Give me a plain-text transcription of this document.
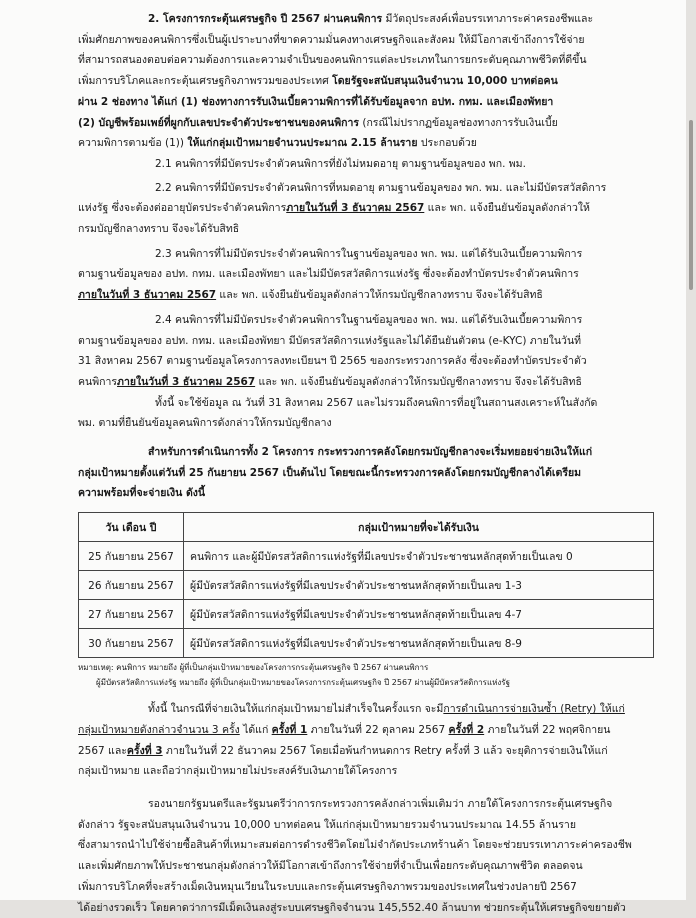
2. โครงการกระตุ้นเศรษฐกิจ ปี 2567 ผ่านคนพิการ มีวัตถุประสงค์เพื่อบรรเทาภาระค่าครองชีพและ

เพิ่มศักยภาพของคนพิการซึ่งเป็นผู้เปราะบางที่ขาดความมั่นคงทางเศรษฐกิจและสังคม ให้มีโอกาสเข้าถึงการใช้จ่าย

ที่สามารถสนองตอบต่อความต้องการและความจำเป็นของคนพิการแต่ละประเภทในการยกระดับคุณภาพชีวิตที่ดีขึ้น

เพิ่มการบริโภคและกระตุ้นเศรษฐกิจภาพรวมของประเทศ โดยรัฐจะสนับสนุนเงินจำนวน 10,000 บาทต่อคน

ผ่าน 2 ช่องทาง ได้แก่ (1) ช่องทางการรับเงินเบี้ยความพิการที่ได้รับข้อมูลจาก อปท. กทม. และเมืองพัทยา

(2) บัญชีพร้อมเพย์ที่ผูกกับเลขประจำตัวประชาชนของคนพิการ (กรณีไม่ปรากฏข้อมูลช่องทางการรับเงินเบี้ย

ความพิการตามข้อ (1)) ให้แก่กลุ่มเป้าหมายจำนวนประมาณ 2.15 ล้านราย ประกอบด้วย

2.1 คนพิการที่มีบัตรประจำตัวคนพิการที่ยังไม่หมดอายุ ตามฐานข้อมูลของ พก. พม.

2.2 คนพิการที่มีบัตรประจำตัวคนพิการที่หมดอายุ ตามฐานข้อมูลของ พก. พม. และไม่มีบัตรสวัสดิการ

แห่งรัฐ ซึ่งจะต้องต่ออายุบัตรประจำตัวคนพิการภายในวันที่ 3 ธันวาคม 2567 และ พก. แจ้งยืนยันข้อมูลดังกล่าวให้

กรมบัญชีกลางทราบ จึงจะได้รับสิทธิ

2.3 คนพิการที่ไม่มีบัตรประจำตัวคนพิการในฐานข้อมูลของ พก. พม. แต่ได้รับเงินเบี้ยความพิการ

ตามฐานข้อมูลของ อปท. กทม. และเมืองพัทยา และไม่มีบัตรสวัสดิการแห่งรัฐ ซึ่งจะต้องทำบัตรประจำตัวคนพิการ

ภายในวันที่ 3 ธันวาคม 2567 และ พก. แจ้งยืนยันข้อมูลดังกล่าวให้กรมบัญชีกลางทราบ จึงจะได้รับสิทธิ

2.4 คนพิการที่ไม่มีบัตรประจำตัวคนพิการในฐานข้อมูลของ พก. พม. แต่ได้รับเงินเบี้ยความพิการ

ตามฐานข้อมูลของ อปท. กทม. และเมืองพัทยา มีบัตรสวัสดิการแห่งรัฐและไม่ได้ยืนยันตัวตน (e-KYC) ภายในวันที่

31 สิงหาคม 2567 ตามฐานข้อมูลโครงการลงทะเบียนฯ ปี 2565 ของกระทรวงการคลัง ซึ่งจะต้องทำบัตรประจำตัว

คนพิการภายในวันที่ 3 ธันวาคม 2567 และ พก. แจ้งยืนยันข้อมูลดังกล่าวให้กรมบัญชีกลางทราบ จึงจะได้รับสิทธิ

ทั้งนี้ จะใช้ข้อมูล ณ วันที่ 31 สิงหาคม 2567 และไม่รวมถึงคนพิการที่อยู่ในสถานสงเคราะห์ในสังกัด

พม. ตามที่ยืนยันข้อมูลคนพิการดังกล่าวให้กรมบัญชีกลาง

สำหรับการดำเนินการทั้ง 2 โครงการ กระทรวงการคลังโดยกรมบัญชีกลางจะเริ่มทยอยจ่ายเงินให้แก่

กลุ่มเป้าหมายตั้งแต่วันที่ 25 กันยายน 2567 เป็นต้นไป โดยขณะนี้กระทรวงการคลังโดยกรมบัญชีกลางได้เตรียม

ความพร้อมที่จะจ่ายเงิน ดังนี้

วัน เดือน ปี	กลุ่มเป้าหมายที่จะได้รับเงิน
25 กันยายน 2567	คนพิการ และผู้มีบัตรสวัสดิการแห่งรัฐที่มีเลขประจำตัวประชาชนหลักสุดท้ายเป็นเลข 0
26 กันยายน 2567	ผู้มีบัตรสวัสดิการแห่งรัฐที่มีเลขประจำตัวประชาชนหลักสุดท้ายเป็นเลข 1-3
27 กันยายน 2567	ผู้มีบัตรสวัสดิการแห่งรัฐที่มีเลขประจำตัวประชาชนหลักสุดท้ายเป็นเลข 4-7
30 กันยายน 2567	ผู้มีบัตรสวัสดิการแห่งรัฐที่มีเลขประจำตัวประชาชนหลักสุดท้ายเป็นเลข 8-9
หมายเหตุ: คนพิการ หมายถึง ผู้ที่เป็นกลุ่มเป้าหมายของโครงการกระตุ้นเศรษฐกิจ ปี 2567 ผ่านคนพิการ
ผู้มีบัตรสวัสดิการแห่งรัฐ หมายถึง ผู้ที่เป็นกลุ่มเป้าหมายของโครงการกระตุ้นเศรษฐกิจ ปี 2567 ผ่านผู้มีบัตรสวัสดิการแห่งรัฐ

ทั้งนี้ ในกรณีที่จ่ายเงินให้แก่กลุ่มเป้าหมายไม่สำเร็จในครั้งแรก จะมีการดำเนินการจ่ายเงินซ้ำ (Retry) ให้แก่

กลุ่มเป้าหมายดังกล่าวจำนวน 3 ครั้ง ได้แก่ ครั้งที่ 1 ภายในวันที่ 22 ตุลาคม 2567 ครั้งที่ 2 ภายในวันที่ 22 พฤศจิกายน

2567 และครั้งที่ 3 ภายในวันที่ 22 ธันวาคม 2567 โดยเมื่อพ้นกำหนดการ Retry ครั้งที่ 3 แล้ว จะยุติการจ่ายเงินให้แก่

กลุ่มเป้าหมาย และถือว่ากลุ่มเป้าหมายไม่ประสงค์รับเงินภายใต้โครงการ

รองนายกรัฐมนตรีและรัฐมนตรีว่าการกระทรวงการคลังกล่าวเพิ่มเติมว่า ภายใต้โครงการกระตุ้นเศรษฐกิจ

ดังกล่าว รัฐจะสนับสนุนเงินจำนวน 10,000 บาทต่อคน ให้แก่กลุ่มเป้าหมายรวมจำนวนประมาณ 14.55 ล้านราย

ซึ่งสามารถนำไปใช้จ่ายซื้อสินค้าที่เหมาะสมต่อการดำรงชีวิตโดยไม่จำกัดประเภทร้านค้า โดยจะช่วยบรรเทาภาระค่าครองชีพ

และเพิ่มศักยภาพให้ประชาชนกลุ่มดังกล่าวให้มีโอกาสเข้าถึงการใช้จ่ายที่จำเป็นเพื่อยกระดับคุณภาพชีวิต ตลอดจน

เพิ่มการบริโภคที่จะสร้างเม็ดเงินหมุนเวียนในระบบและกระตุ้นเศรษฐกิจภาพรวมของประเทศในช่วงปลายปี 2567

ได้อย่างรวดเร็ว โดยคาดว่าการมีเม็ดเงินลงสู่ระบบเศรษฐกิจจำนวน 145,552.40 ล้านบาท ช่วยกระตุ้นให้เศรษฐกิจขยายตัว
